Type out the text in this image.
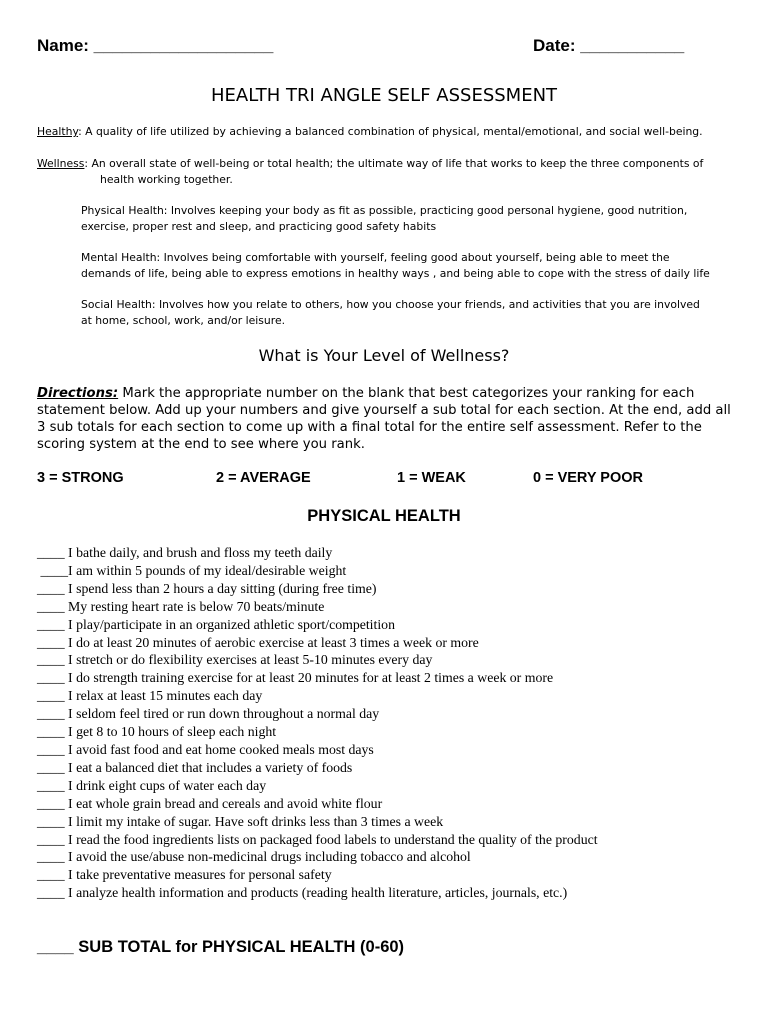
Name: ___________________	Date: ___________
HEALTH TRI ANGLE SELF ASSESSMENT
Healthy: A quality of life utilized by achieving a balanced combination of physical, mental/emotional, and social well-being.
Wellness: An overall state of well-being or total health; the ultimate way of life that works to keep the three components of
health working together.
Physical Health: Involves keeping your body as fit as possible, practicing good personal hygiene, good nutrition,
exercise, proper rest and sleep, and practicing good safety habits
Mental Health: Involves being comfortable with yourself, feeling good about yourself, being able to meet the
demands of life, being able to express emotions in healthy ways , and being able to cope with the stress of daily life
Social Health: Involves how you relate to others, how you choose your friends, and activities that you are involved
at home, school, work, and/or leisure.
What is Your Level of Wellness?
Directions: Mark the appropriate number on the blank that best categorizes your ranking for each statement below. Add up your numbers and give yourself a sub total for each section. At the end, add all 3 sub totals for each section to come up with a final total for the entire self assessment. Refer to the scoring system at the end to see where you rank.
3 = STRONG	2 = AVERAGE	1 = WEAK	0 = VERY POOR
PHYSICAL HEALTH
____ I bathe daily, and brush and floss my teeth daily
____I am within 5 pounds of my ideal/desirable weight
____ I spend less than 2 hours a day sitting (during free time)
____ My resting heart rate is below 70 beats/minute
____ I play/participate in an organized athletic sport/competition
____ I do at least 20 minutes of aerobic exercise at least 3 times a week or more
____ I stretch or do flexibility exercises at least 5-10 minutes every day
____ I do strength training exercise for at least 20 minutes for at least 2 times a week or more
____ I relax at least 15 minutes each day
____ I seldom feel tired or run down throughout a normal day
____ I get 8 to 10 hours of sleep each night
____ I avoid fast food and eat home cooked meals most days
____ I eat a balanced diet that includes a variety of foods
____ I drink eight cups of water each day
____ I eat whole grain bread and cereals and avoid white flour
____ I limit my intake of sugar. Have soft drinks less than 3 times a week
____ I read the food ingredients lists on packaged food labels to understand the quality of the product
____ I avoid the use/abuse non-medicinal drugs including tobacco and alcohol
____ I take preventative measures for personal safety
____ I analyze health information and products (reading health literature, articles, journals, etc.)
____ SUB TOTAL for PHYSICAL HEALTH (0-60)
